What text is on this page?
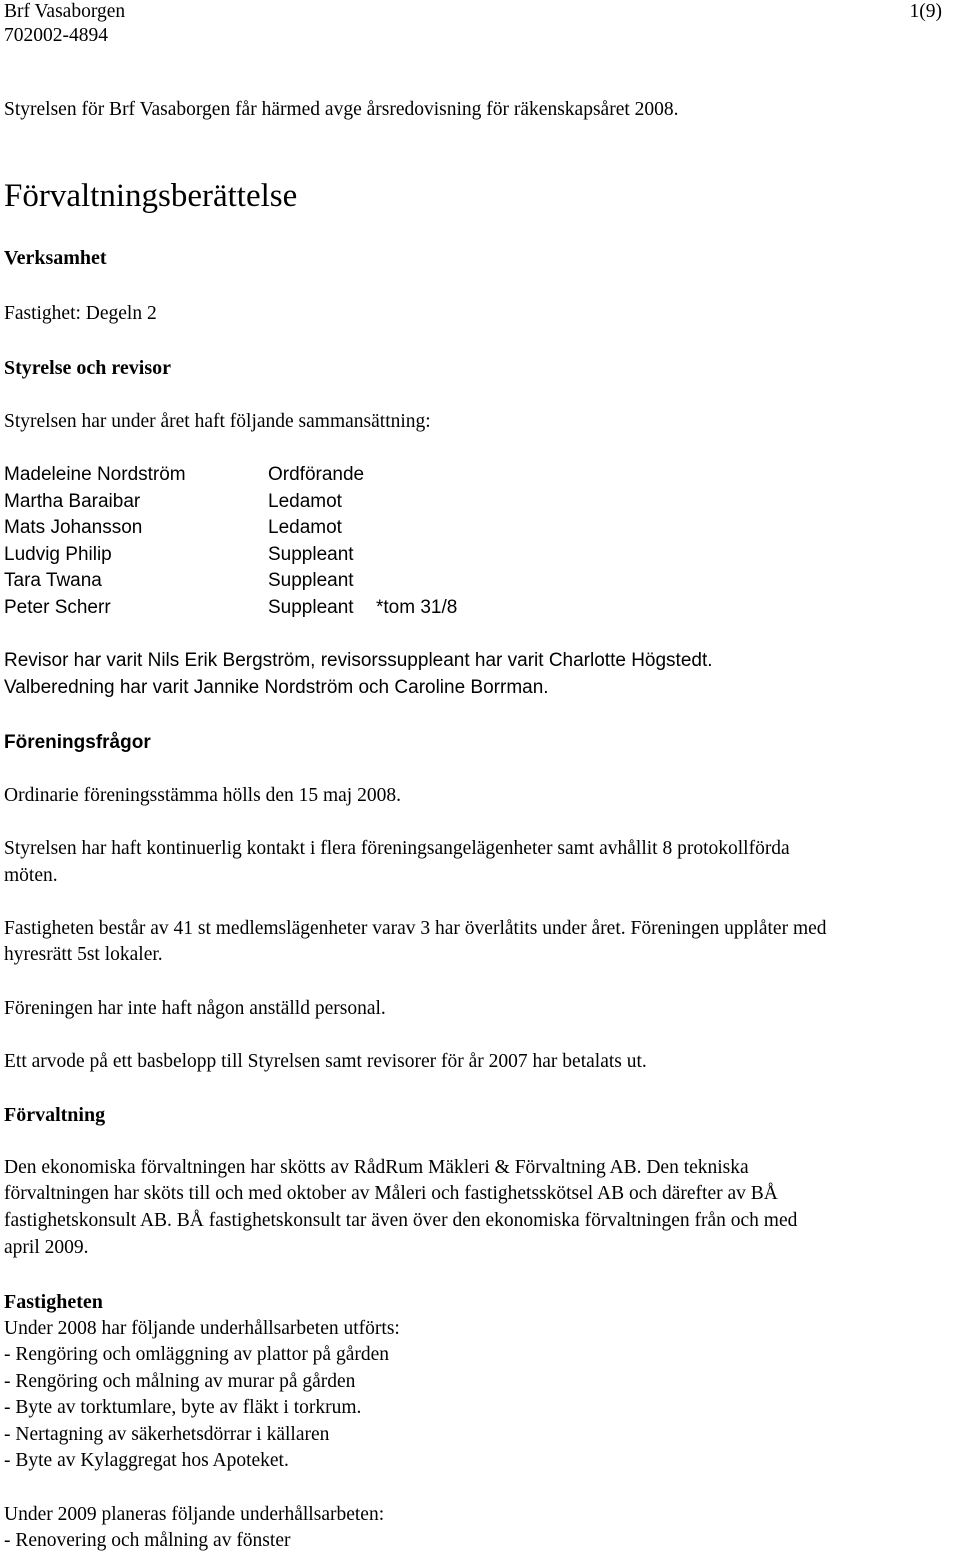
Brf Vasaborgen
702002-4894
1(9)
Styrelsen för Brf Vasaborgen får härmed avge årsredovisning för räkenskapsåret 2008.
Förvaltningsberättelse
Verksamhet
Fastighet: Degeln 2
Styrelse och revisor
Styrelsen har under året haft följande sammansättning:
Madeleine Nordström	Ordförande
Martha Baraibar	Ledamot
Mats Johansson	Ledamot
Ludvig Philip	Suppleant
Tara Twana	Suppleant
Peter Scherr	Suppleant *tom 31/8
Revisor har varit Nils Erik Bergström, revisorssuppleant har varit Charlotte Högstedt.
Valberedning har varit Jannike Nordström och Caroline Borrman.
Föreningsfrågor
Ordinarie föreningsstämma hölls den 15 maj 2008.
Styrelsen har haft kontinuerlig kontakt i flera föreningsangelägenheter samt avhållit 8 protokollförda
möten.
Fastigheten består av 41 st medlemslägenheter varav 3 har överlåtits under året. Föreningen upplåter med
hyresrätt 5st lokaler.
Föreningen har inte haft någon anställd personal.
Ett arvode på ett basbelopp till Styrelsen samt revisorer för år 2007 har betalats ut.
Förvaltning
Den ekonomiska förvaltningen har skötts av RådRum Mäkleri & Förvaltning AB. Den tekniska
förvaltningen har sköts till och med oktober av Måleri och fastighetsskötsel AB och därefter av BÅ
fastighetskonsult AB. BÅ fastighetskonsult tar även över den ekonomiska förvaltningen från och med
april 2009.
Fastigheten
Under 2008 har följande underhållsarbeten utförts:
- Rengöring och omläggning av plattor på gården
- Rengöring och målning av murar på gården
- Byte av torktumlare, byte av fläkt i torkrum.
- Nertagning av säkerhetsdörrar i källaren
- Byte av Kylaggregat hos Apoteket.
Under 2009 planeras följande underhållsarbeten:
- Renovering och målning av fönster
